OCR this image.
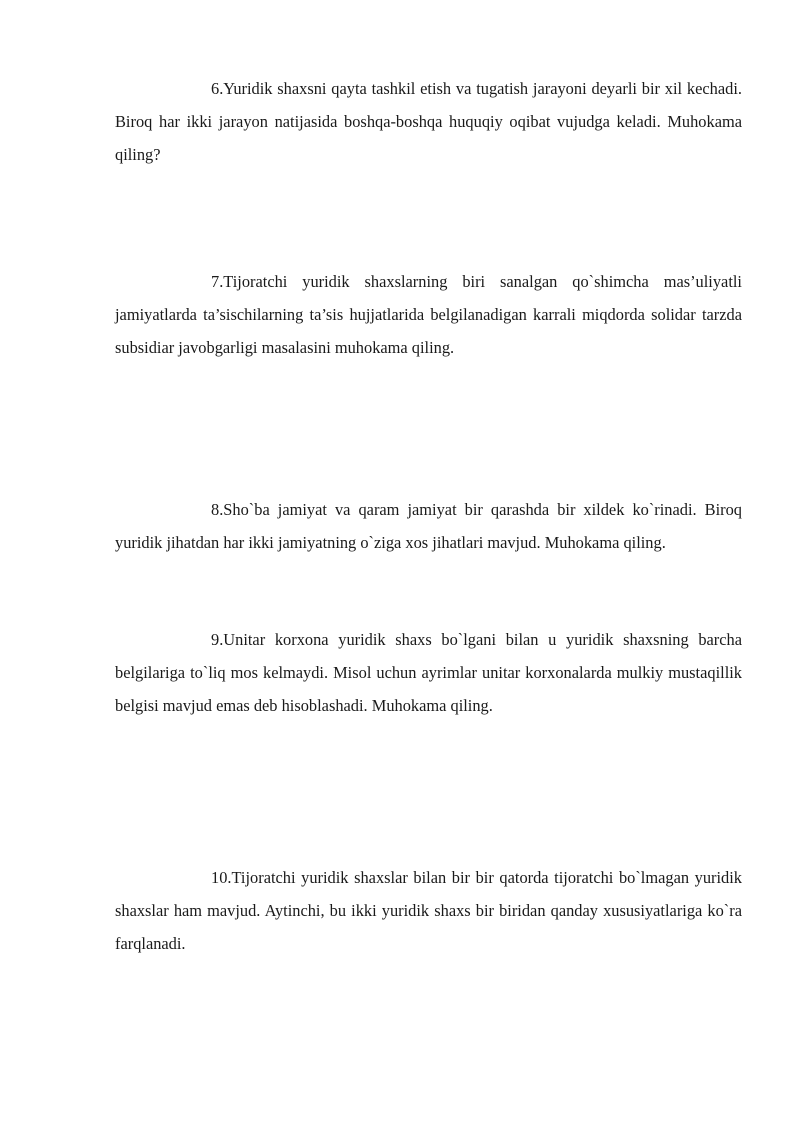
6.Yuridik shaxsni qayta tashkil etish va tugatish jarayoni deyarli bir xil kechadi. Biroq har ikki jarayon natijasida boshqa-boshqa huquqiy oqibat vujudga keladi. Muhokama qiling?

7.Tijoratchi yuridik shaxslarning biri sanalgan qo`shimcha mas’uliyatli jamiyatlarda ta’sischilarning ta’sis hujjatlarida belgilanadigan karrali miqdorda solidar tarzda subsidiar javobgarligi masalasini muhokama qiling.

8.Sho`ba jamiyat va qaram jamiyat bir qarashda bir xildek ko`rinadi. Biroq yuridik jihatdan har ikki jamiyatning o`ziga xos jihatlari mavjud. Muhokama qiling.

9.Unitar korxona yuridik shaxs bo`lgani bilan u yuridik shaxsning barcha belgilariga to`liq mos kelmaydi. Misol uchun ayrimlar unitar korxonalarda mulkiy mustaqillik belgisi mavjud emas deb hisoblashadi. Muhokama qiling.

10.Tijoratchi yuridik shaxslar bilan bir bir qatorda tijoratchi bo`lmagan yuridik shaxslar ham mavjud. Aytinchi, bu ikki yuridik shaxs bir biridan qanday xususiyatlariga ko`ra farqlanadi.
